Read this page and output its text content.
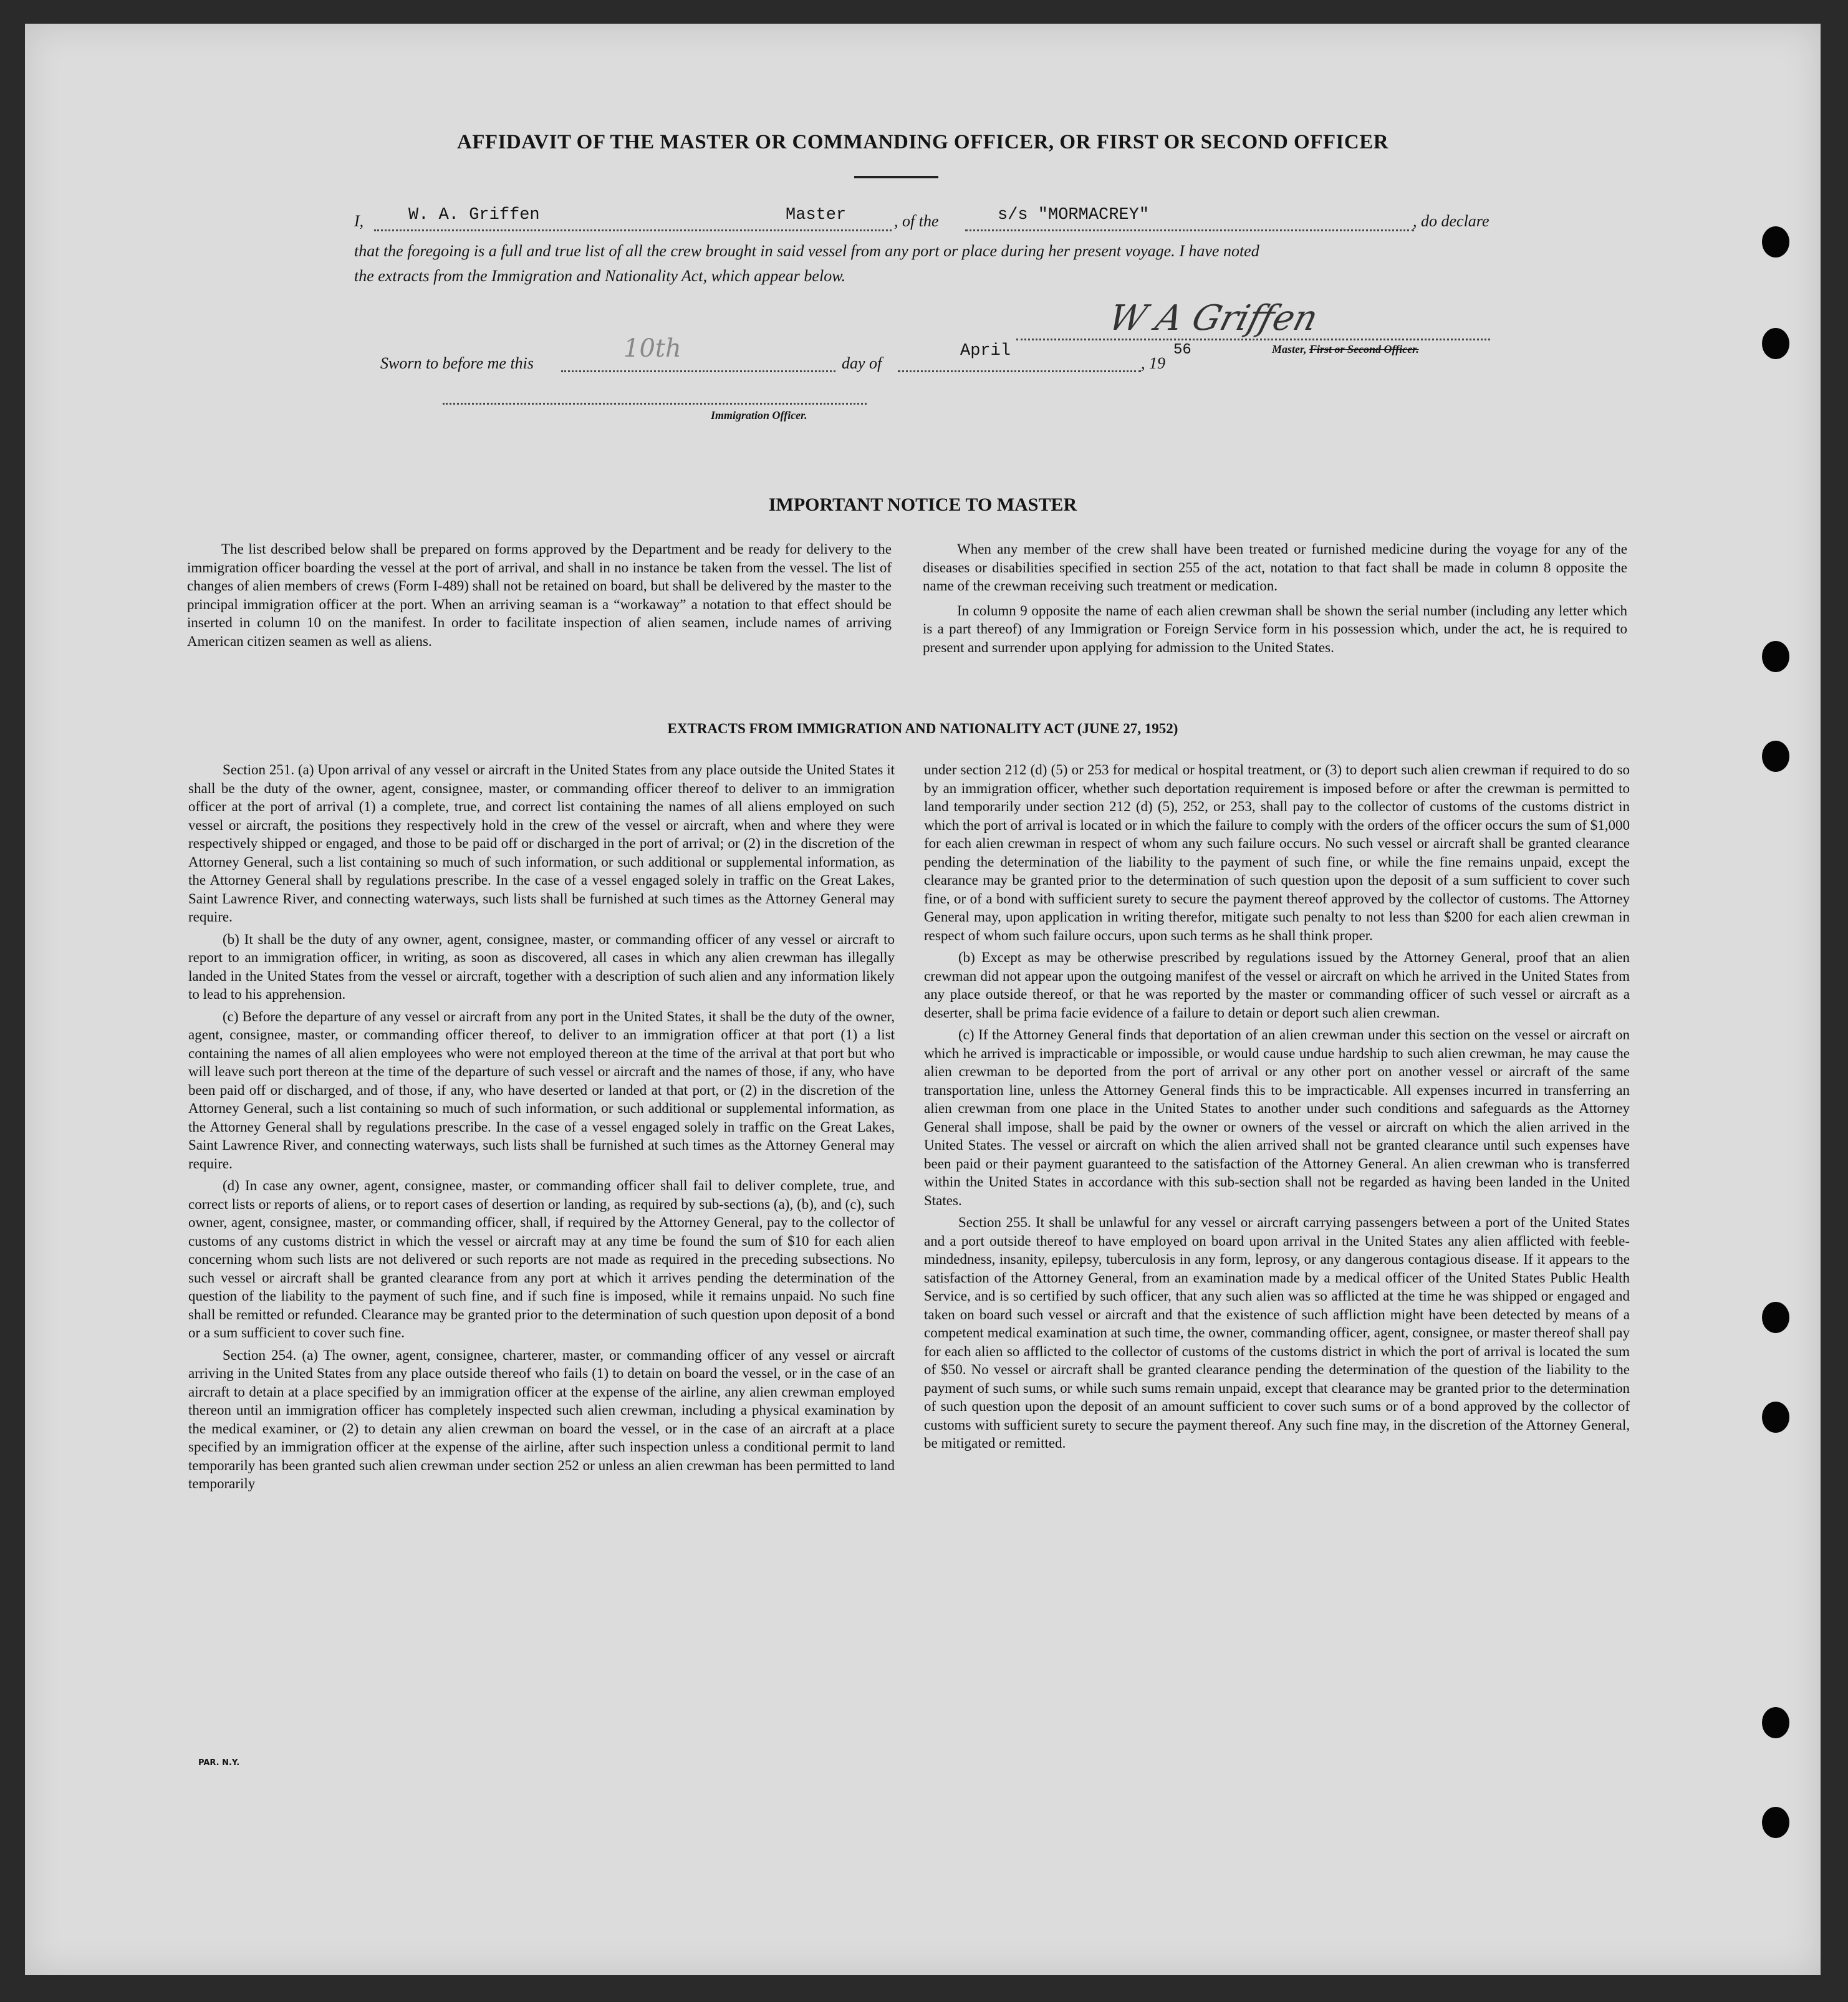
AFFIDAVIT OF THE MASTER OR COMMANDING OFFICER, OR FIRST OR SECOND OFFICER
I,	W. A. Griffen	Master	, of the	s/s "MORMACREY"	, do declare
that the foregoing is a full and true list of all the crew brought in said vessel from any port or place during her present voyage. I have noted
the extracts from the Immigration and Nationality Act, which appear below.
W A Griffen
Master, First or Second Officer.
Sworn to before me this
10th
day of
April
, 19
56
Immigration Officer.
IMPORTANT NOTICE TO MASTER

The list described below shall be prepared on forms approved by the Department and be ready for delivery to the immigration officer boarding the vessel at the port of arrival, and shall in no instance be taken from the vessel. The list of changes of alien members of crews (Form I-489) shall not be retained on board, but shall be delivered by the master to the principal immigration officer at the port. When an arriving seaman is a “workaway” a notation to that effect should be inserted in column 10 on the manifest. In order to facilitate inspection of alien seamen, include names of arriving American citizen seamen as well as aliens.

When any member of the crew shall have been treated or furnished medicine during the voyage for any of the diseases or disabilities specified in section 255 of the act, notation to that fact shall be made in column 8 opposite the name of the crewman receiving such treatment or medication.

In column 9 opposite the name of each alien crewman shall be shown the serial number (including any letter which is a part thereof) of any Immigration or Foreign Service form in his possession which, under the act, he is required to present and surrender upon applying for admission to the United States.

EXTRACTS FROM IMMIGRATION AND NATIONALITY ACT (JUNE 27, 1952)

Section 251. (a) Upon arrival of any vessel or aircraft in the United States from any place outside the United States it shall be the duty of the owner, agent, consignee, master, or commanding officer thereof to deliver to an immigration officer at the port of arrival (1) a complete, true, and correct list containing the names of all aliens employed on such vessel or aircraft, the positions they respectively hold in the crew of the vessel or aircraft, when and where they were respectively shipped or engaged, and those to be paid off or discharged in the port of arrival; or (2) in the discretion of the Attorney General, such a list containing so much of such information, or such additional or supplemental information, as the Attorney General shall by regulations prescribe. In the case of a vessel engaged solely in traffic on the Great Lakes, Saint Lawrence River, and connecting waterways, such lists shall be furnished at such times as the Attorney General may require.

(b) It shall be the duty of any owner, agent, consignee, master, or commanding officer of any vessel or aircraft to report to an immigration officer, in writing, as soon as discovered, all cases in which any alien crewman has illegally landed in the United States from the vessel or aircraft, together with a description of such alien and any information likely to lead to his apprehension.

(c) Before the departure of any vessel or aircraft from any port in the United States, it shall be the duty of the owner, agent, consignee, master, or commanding officer thereof, to deliver to an immigration officer at that port (1) a list containing the names of all alien employees who were not employed thereon at the time of the arrival at that port but who will leave such port thereon at the time of the departure of such vessel or aircraft and the names of those, if any, who have been paid off or discharged, and of those, if any, who have deserted or landed at that port, or (2) in the discretion of the Attorney General, such a list containing so much of such information, or such additional or supplemental information, as the Attorney General shall by regulations prescribe. In the case of a vessel engaged solely in traffic on the Great Lakes, Saint Lawrence River, and connecting waterways, such lists shall be furnished at such times as the Attorney General may require.

(d) In case any owner, agent, consignee, master, or commanding officer shall fail to deliver complete, true, and correct lists or reports of aliens, or to report cases of desertion or landing, as required by sub-sections (a), (b), and (c), such owner, agent, consignee, master, or commanding officer, shall, if required by the Attorney General, pay to the collector of customs of any customs district in which the vessel or aircraft may at any time be found the sum of $10 for each alien concerning whom such lists are not delivered or such reports are not made as required in the preceding subsections. No such vessel or aircraft shall be granted clearance from any port at which it arrives pending the determination of the question of the liability to the payment of such fine, and if such fine is imposed, while it remains unpaid. No such fine shall be remitted or refunded. Clearance may be granted prior to the determination of such question upon deposit of a bond or a sum sufficient to cover such fine.

Section 254. (a) The owner, agent, consignee, charterer, master, or commanding officer of any vessel or aircraft arriving in the United States from any place outside thereof who fails (1) to detain on board the vessel, or in the case of an aircraft to detain at a place specified by an immigration officer at the expense of the airline, any alien crewman employed thereon until an immigration officer has completely inspected such alien crewman, including a physical examination by the medical examiner, or (2) to detain any alien crewman on board the vessel, or in the case of an aircraft at a place specified by an immigration officer at the expense of the airline, after such inspection unless a conditional permit to land temporarily has been granted such alien crewman under section 252 or unless an alien crewman has been permitted to land temporarily

under section 212 (d) (5) or 253 for medical or hospital treatment, or (3) to deport such alien crewman if required to do so by an immigration officer, whether such deportation requirement is imposed before or after the crewman is permitted to land temporarily under section 212 (d) (5), 252, or 253, shall pay to the collector of customs of the customs district in which the port of arrival is located or in which the failure to comply with the orders of the officer occurs the sum of $1,000 for each alien crewman in respect of whom any such failure occurs. No such vessel or aircraft shall be granted clearance pending the determination of the liability to the payment of such fine, or while the fine remains unpaid, except the clearance may be granted prior to the determination of such question upon the deposit of a sum sufficient to cover such fine, or of a bond with sufficient surety to secure the payment thereof approved by the collector of customs. The Attorney General may, upon application in writing therefor, mitigate such penalty to not less than $200 for each alien crewman in respect of whom such failure occurs, upon such terms as he shall think proper.

(b) Except as may be otherwise prescribed by regulations issued by the Attorney General, proof that an alien crewman did not appear upon the outgoing manifest of the vessel or aircraft on which he arrived in the United States from any place outside thereof, or that he was reported by the master or commanding officer of such vessel or aircraft as a deserter, shall be prima facie evidence of a failure to detain or deport such alien crewman.

(c) If the Attorney General finds that deportation of an alien crewman under this section on the vessel or aircraft on which he arrived is impracticable or impossible, or would cause undue hardship to such alien crewman, he may cause the alien crewman to be deported from the port of arrival or any other port on another vessel or aircraft of the same transportation line, unless the Attorney General finds this to be impracticable. All expenses incurred in transferring an alien crewman from one place in the United States to another under such conditions and safeguards as the Attorney General shall impose, shall be paid by the owner or owners of the vessel or aircraft on which the alien arrived in the United States. The vessel or aircraft on which the alien arrived shall not be granted clearance until such expenses have been paid or their payment guaranteed to the satisfaction of the Attorney General. An alien crewman who is transferred within the United States in accordance with this sub-section shall not be regarded as having been landed in the United States.

Section 255. It shall be unlawful for any vessel or aircraft carrying passengers between a port of the United States and a port outside thereof to have employed on board upon arrival in the United States any alien afflicted with feeble-mindedness, insanity, epilepsy, tuberculosis in any form, leprosy, or any dangerous contagious disease. If it appears to the satisfaction of the Attorney General, from an examination made by a medical officer of the United States Public Health Service, and is so certified by such officer, that any such alien was so afflicted at the time he was shipped or engaged and taken on board such vessel or aircraft and that the existence of such affliction might have been detected by means of a competent medical examination at such time, the owner, commanding officer, agent, consignee, or master thereof shall pay for each alien so afflicted to the collector of customs of the customs district in which the port of arrival is located the sum of $50. No vessel or aircraft shall be granted clearance pending the determination of the question of the liability to the payment of such sums, or while such sums remain unpaid, except that clearance may be granted prior to the determination of such question upon the deposit of an amount sufficient to cover such sums or of a bond approved by the collector of customs with sufficient surety to secure the payment thereof. Any such fine may, in the discretion of the Attorney General, be mitigated or remitted.

PAR. N.Y.
